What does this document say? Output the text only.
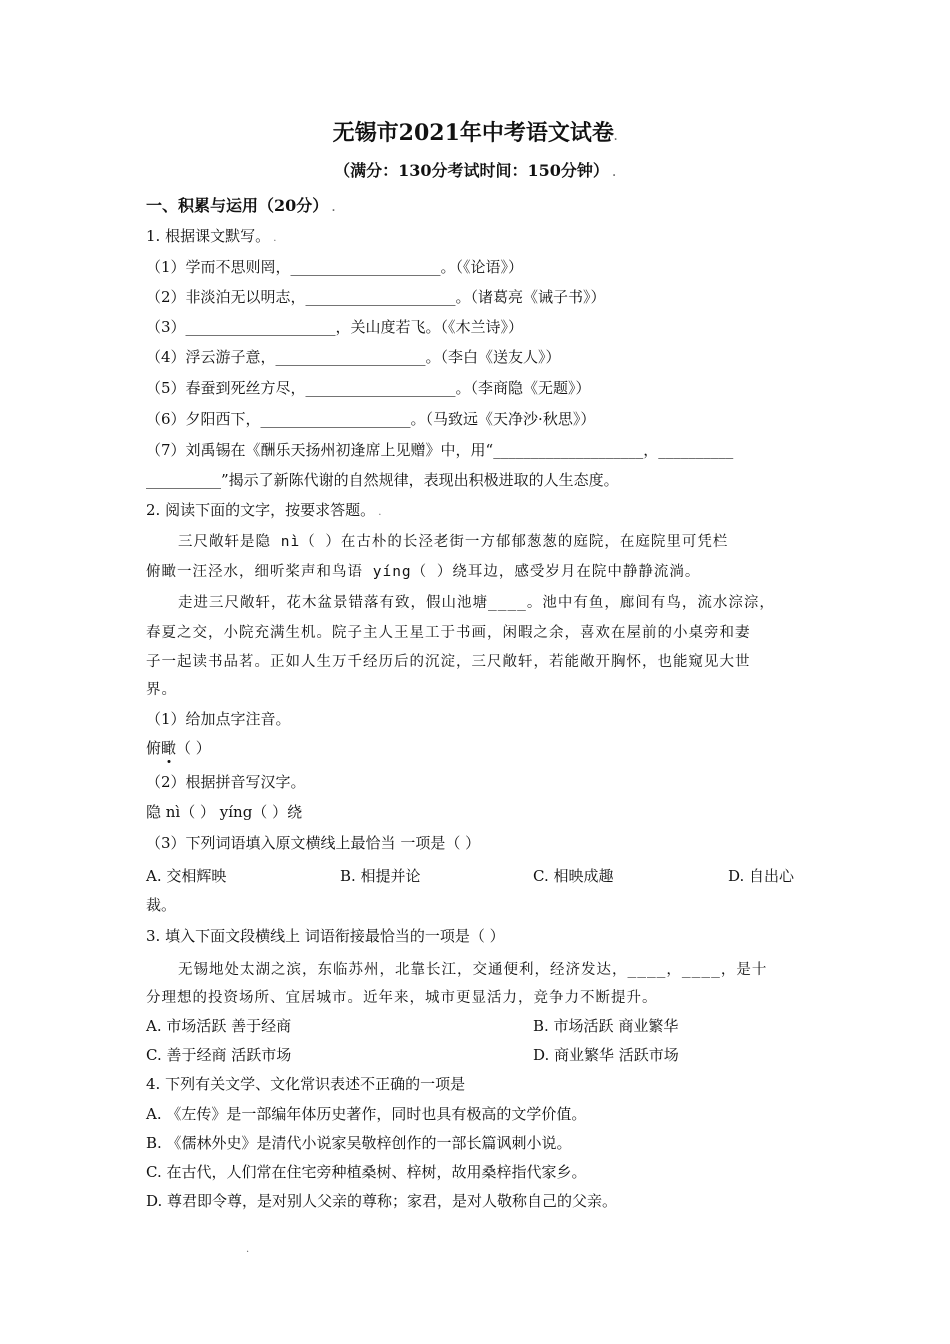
无锡市2021年中考语文试卷.
（满分：130分考试时间：150分钟） .
一、积累与运用（20分） .
1. 根据课文默写。 .
（1）学而不思则罔，____________________。（《论语》）
（2）非淡泊无以明志，____________________。（诸葛亮《诫子书》）
（3）____________________，关山度若飞。（《木兰诗》）
（4）浮云游子意，____________________。（李白《送友人》）
（5）春蚕到死丝方尽，____________________。（李商隐《无题》）
（6）夕阳西下，____________________。（马致远《天净沙·秋思》）
（7）刘禹锡在《酬乐天扬州初逢席上见赠》中，用“____________________，__________
__________”揭示了新陈代谢的自然规律，表现出积极进取的人生态度。
2. 阅读下面的文字，按要求答题。 .
三尺敞轩是隐 nì（ ）在古朴的长泾老街一方郁郁葱葱的庭院，在庭院里可凭栏
俯瞰一汪泾水，细听桨声和鸟语 yíng（ ）绕耳边，感受岁月在院中静静流淌。
走进三尺敞轩，花木盆景错落有致，假山池塘____。池中有鱼，廊间有鸟，流水淙淙，
春夏之交，小院充满生机。院子主人王星工于书画，闲暇之余，喜欢在屋前的小桌旁和妻
子一起读书品茗。正如人生万千经历后的沉淀，三尺敞轩，若能敞开胸怀，也能窥见大世
界。
（1）给加点字注音。
俯瞰（ ）
（2）根据拼音写汉字。
隐 nì（ ） yíng（ ）绕
（3）下列词语填入原文横线上最恰当 一项是（ ）
A. 交相辉映	B. 相提并论	C. 相映成趣	D. 自出心
裁。
3. 填入下面文段横线上 词语衔接最恰当的一项是（ ）
无锡地处太湖之滨，东临苏州，北靠长江，交通便利，经济发达，____，____，是十
分理想的投资场所、宜居城市。近年来，城市更显活力，竞争力不断提升。
A. 市场活跃 善于经商	B. 市场活跃 商业繁华
C. 善于经商 活跃市场	D. 商业繁华 活跃市场
4. 下列有关文学、文化常识表述不正确的一项是
A. 《左传》是一部编年体历史著作，同时也具有极高的文学价值。
B. 《儒林外史》是清代小说家吴敬梓创作的一部长篇讽刺小说。
C. 在古代，人们常在住宅旁种植桑树、梓树，故用桑梓指代家乡。
D. 尊君即令尊，是对别人父亲的尊称；家君，是对人敬称自己的父亲。
.
